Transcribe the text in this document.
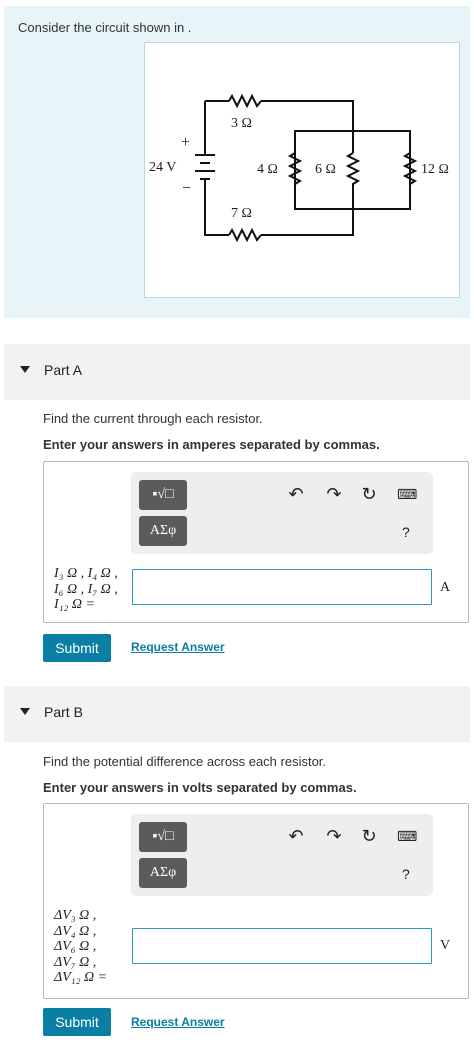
Consider the circuit shown in .
+
−
24 V
3 Ω
7 Ω
4 Ω	6 Ω	12 Ω
Part A
Find the current through each resistor.
Enter your answers in amperes separated by commas.
▪√□
ΑΣφ
↶ ↷ ↻ ⌨
?
I₃ Ω , I₄ Ω ,
I₆ Ω , I₇ Ω ,
I₁₂ Ω =
A
Submit	Request Answer
Part B
Find the potential difference across each resistor.
Enter your answers in volts separated by commas.
▪√□
ΑΣφ
↶ ↷ ↻ ⌨
?
ΔV₃ Ω ,
ΔV₄ Ω ,
ΔV₆ Ω ,
ΔV₇ Ω ,
ΔV₁₂ Ω =
V
Submit	Request Answer
